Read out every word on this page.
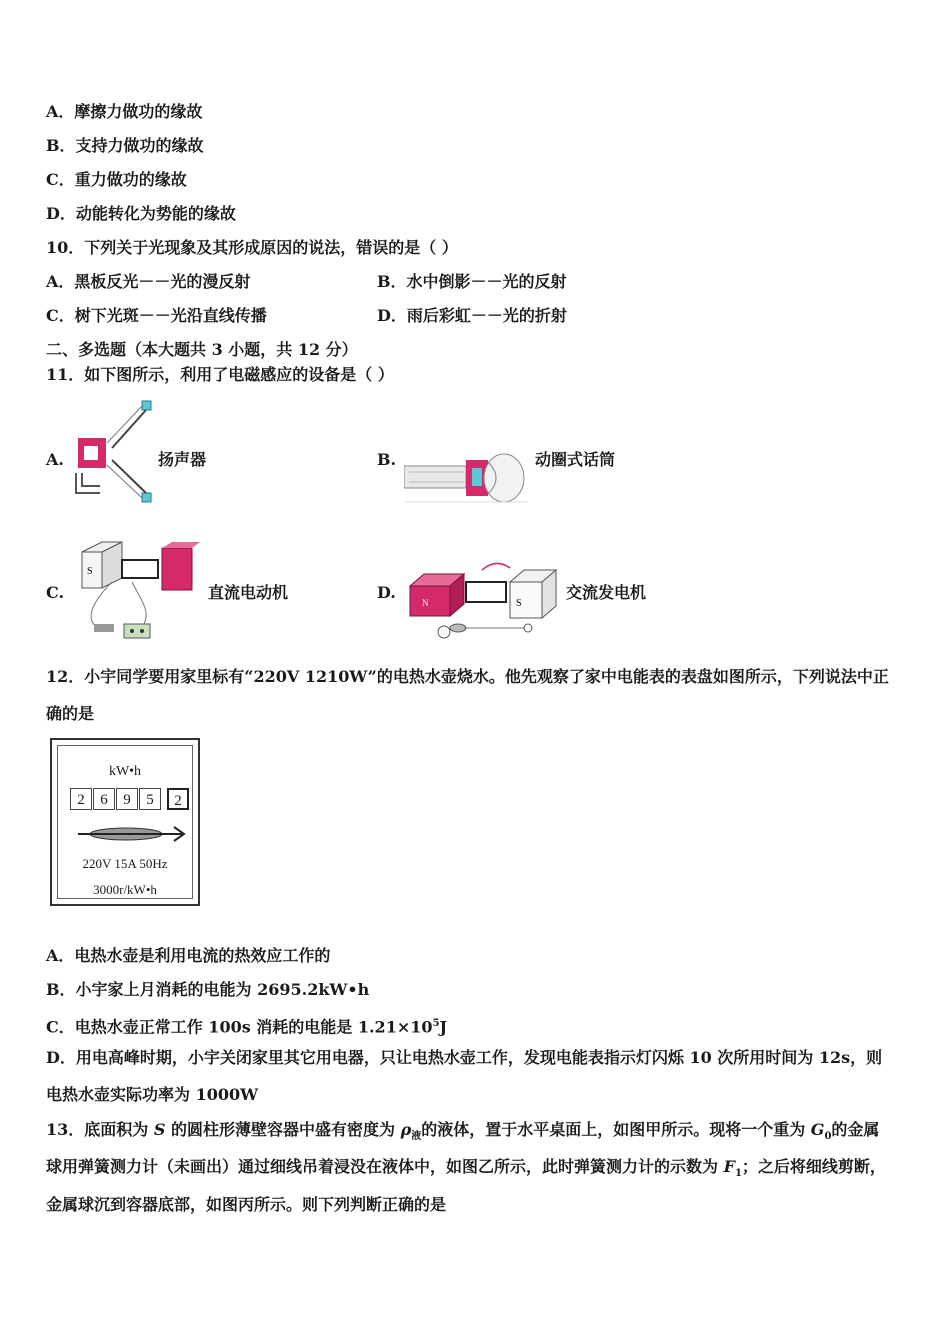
A．摩擦力做功的缘故
B．支持力做功的缘故
C．重力做功的缘故
D．动能转化为势能的缘故
10．下列关于光现象及其形成原因的说法，错误的是（ ）
A．黑板反光－－光的漫反射	B．水中倒影－－光的反射
C．树下光斑－－光沿直线传播	D．雨后彩虹－－光的折射
二、多选题（本大题共 3 小题，共 12 分）
11．如下图所示，利用了电磁感应的设备是（ ）
A.	扬声器	B.	动圈式话筒
C.
S
直流电动机	D.
N	S
交流发电机
12．小宇同学要用家里标有“220V 1210W”的电热水壶烧水。他先观察了家中电能表的表盘如图所示，下列说法中正
确的是
kW•h
2	6	9	5	2
220V 15A 50Hz
3000r/kW•h
A．电热水壶是利用电流的热效应工作的
B．小宇家上月消耗的电能为 2695.2kW•h
C．电热水壶正常工作 100s 消耗的电能是 $1.21\times 10^5J$
D．用电高峰时期，小宇关闭家里其它用电器，只让电热水壶工作，发现电能表指示灯闪烁 10 次所用时间为 12s，则
电热水壶实际功率为 1000W
13．底面积为 S 的圆柱形薄壁容器中盛有密度为 $\rho_液$的液体，置于水平桌面上，如图甲所示。现将一个重为 $G_0$的金属
球用弹簧测力计（未画出）通过细线吊着浸没在液体中，如图乙所示，此时弹簧测力计的示数为 $F_1$；之后将细线剪断，
金属球沉到容器底部，如图丙所示。则下列判断正确的是
